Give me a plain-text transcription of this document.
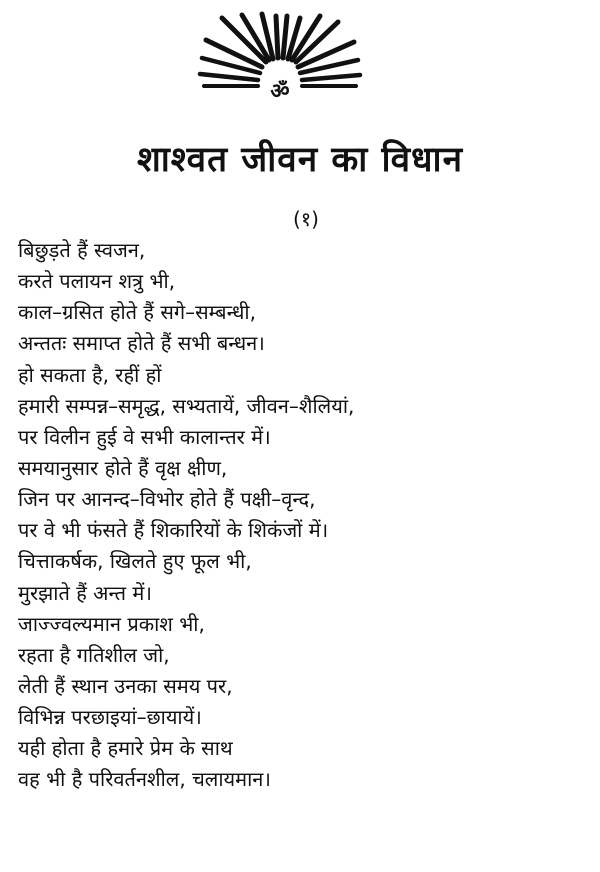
ॐ
शाश्वत जीवन का विधान
(१)
बिछुड़ते हैं स्वजन,
करते पलायन शत्रु भी,
काल–ग्रसित होते हैं सगे–सम्बन्धी,
अन्ततः समाप्त होते हैं सभी बन्धन।
हो सकता है, रहीं हों
हमारी सम्पन्न–समृद्ध, सभ्यतायें, जीवन–शैलियां,
पर विलीन हुई वे सभी कालान्तर में।
समयानुसार होते हैं वृक्ष क्षीण,
जिन पर आनन्द–विभोर होते हैं पक्षी–वृन्द,
पर वे भी फंसते हैं शिकारियों के शिकंजों में।
चित्ताकर्षक, खिलते हुए फूल भी,
मुरझाते हैं अन्त में।
जाज्ज्वल्यमान प्रकाश भी,
रहता है गतिशील जो,
लेती हैं स्थान उनका समय पर,
विभिन्न परछाइयां–छायायें।
यही होता है हमारे प्रेम के साथ
वह भी है परिवर्तनशील, चलायमान।
